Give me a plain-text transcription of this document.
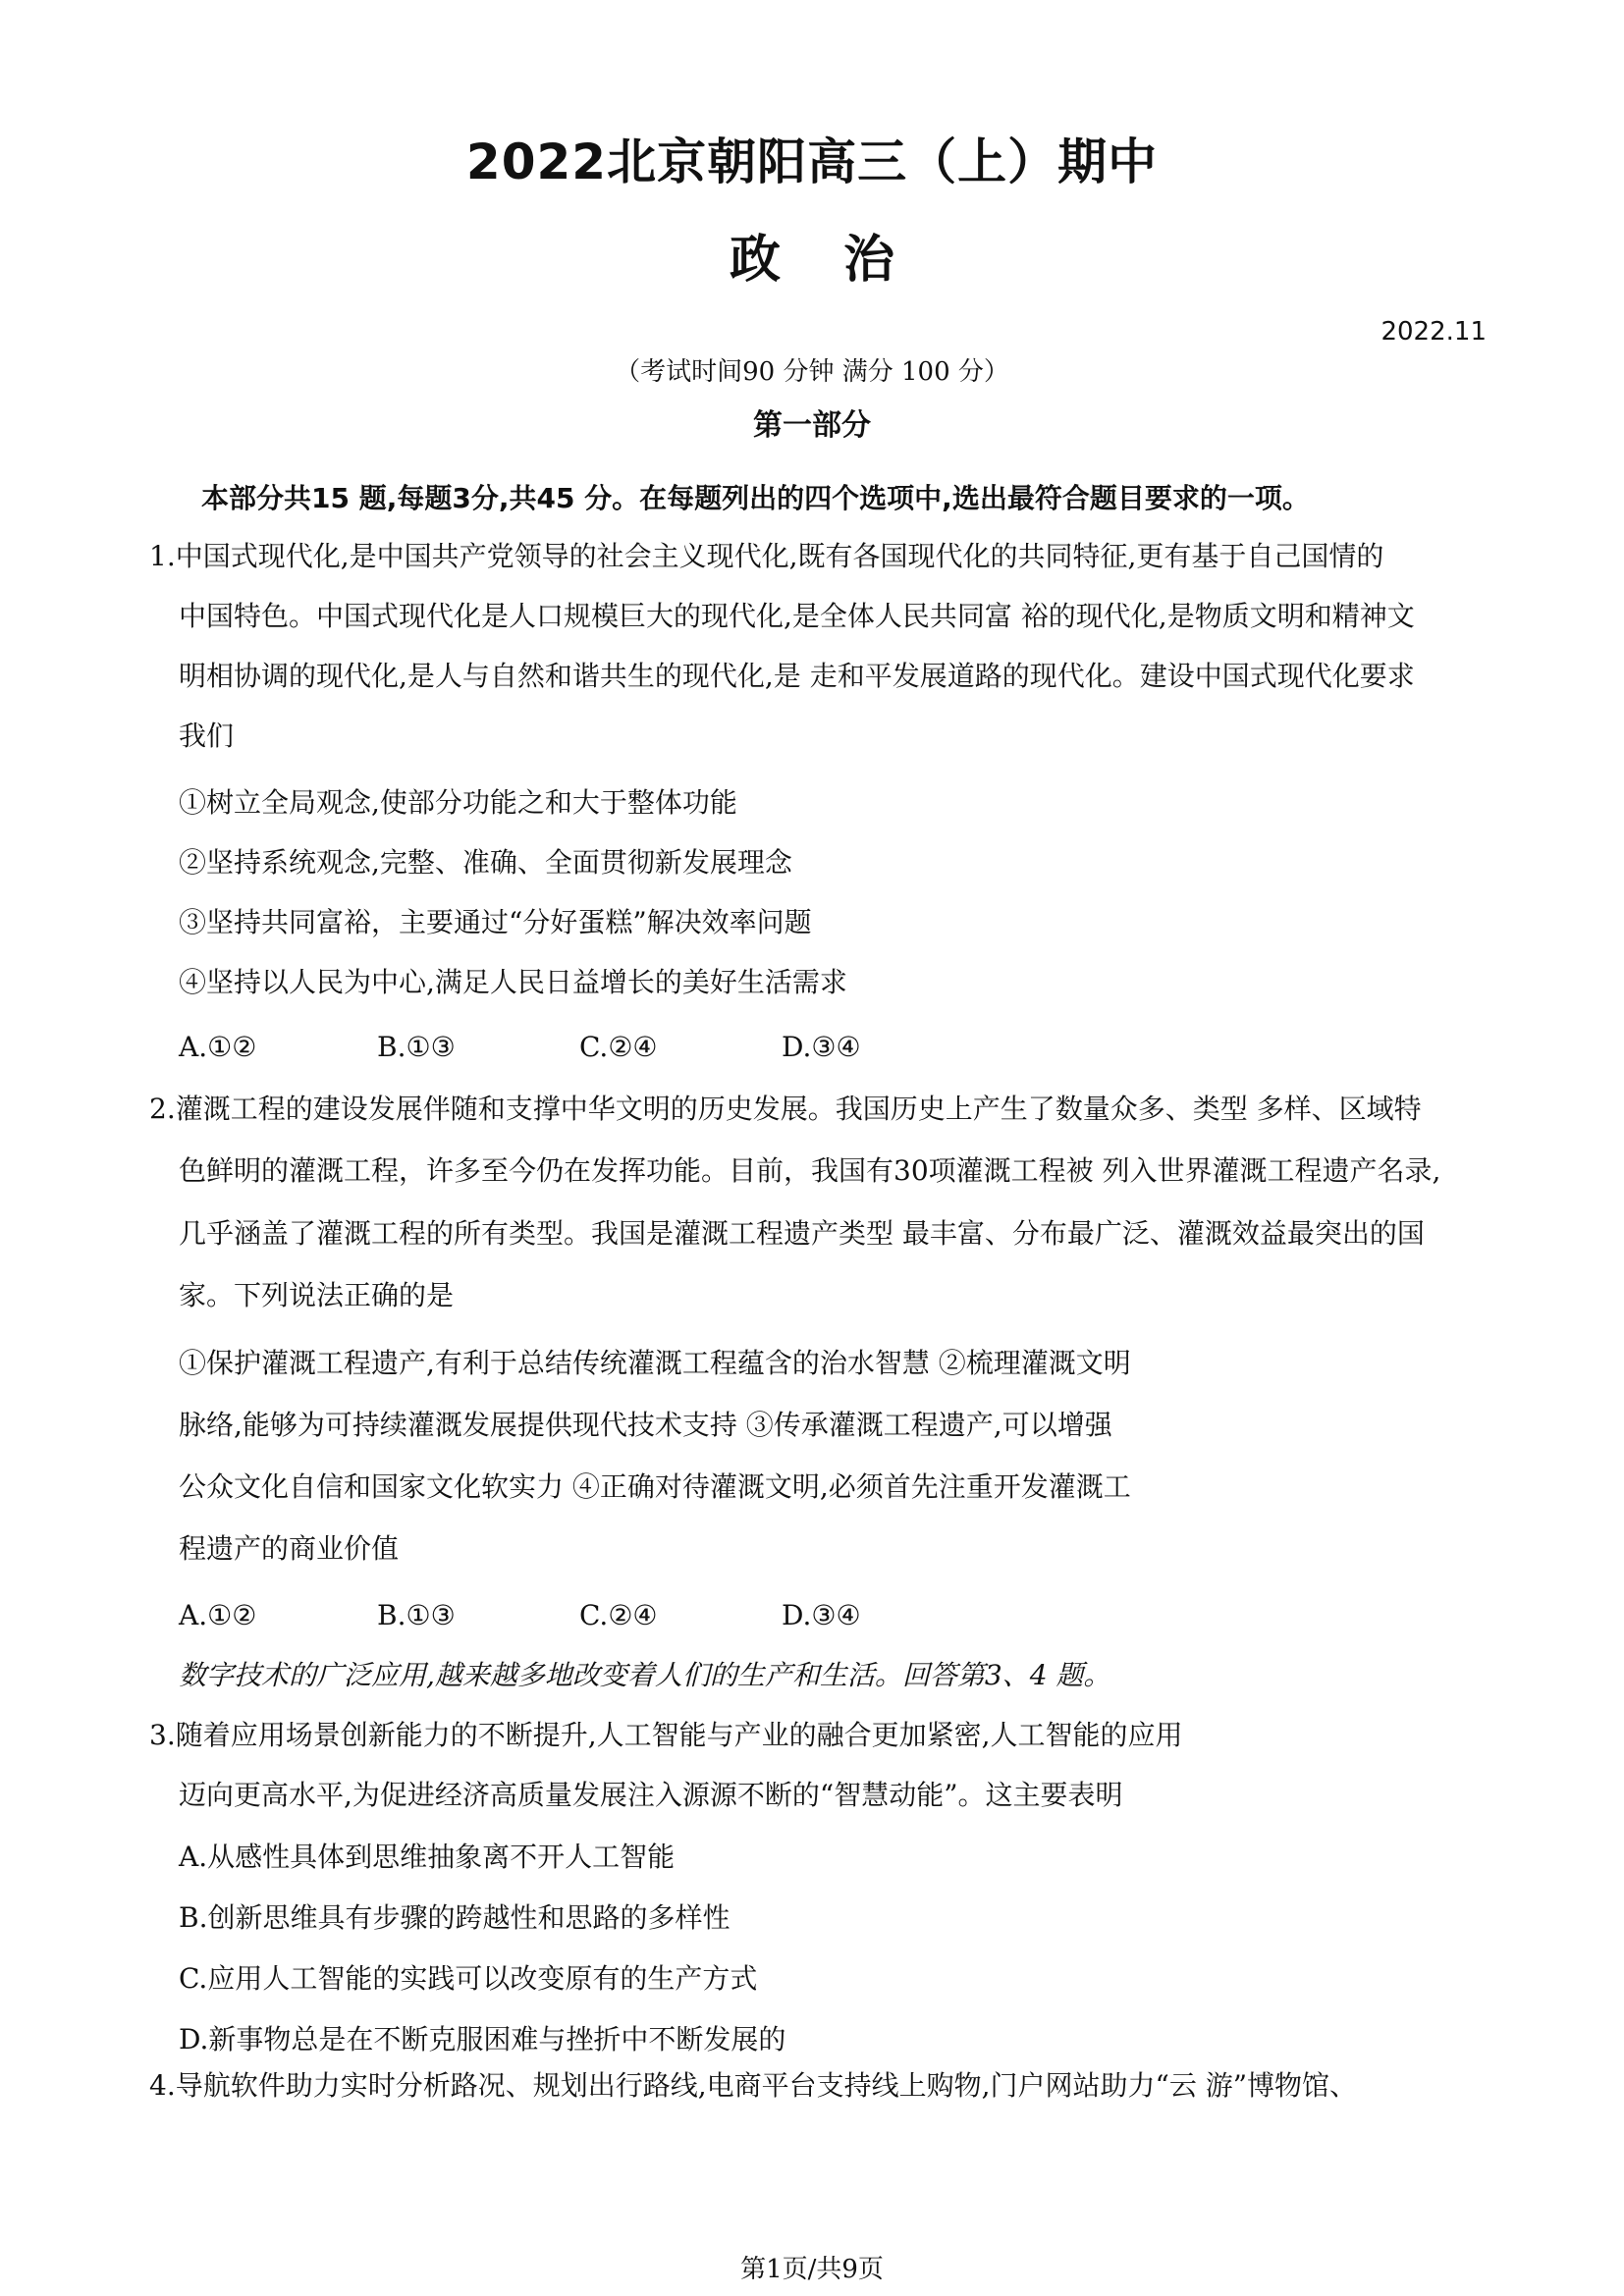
2022北京朝阳高三（上）期中
政治
2022.11
（考试时间90 分钟 满分 100 分）
第一部分
本部分共15 题,每题3分,共45 分。在每题列出的四个选项中,选出最符合题目要求的一项。
1.中国式现代化,是中国共产党领导的社会主义现代化,既有各国现代化的共同特征,更有基于自己国情的
中国特色。中国式现代化是人口规模巨大的现代化,是全体人民共同富 裕的现代化,是物质文明和精神文
明相协调的现代化,是人与自然和谐共生的现代化,是 走和平发展道路的现代化。建设中国式现代化要求
我们
①树立全局观念,使部分功能之和大于整体功能
②坚持系统观念,完整、准确、全面贯彻新发展理念
③坚持共同富裕，主要通过“分好蛋糕”解决效率问题
④坚持以人民为中心,满足人民日益增长的美好生活需求
A.①②	B.①③	C.②④	D.③④
2.灌溉工程的建设发展伴随和支撑中华文明的历史发展。我国历史上产生了数量众多、类型 多样、区域特
色鲜明的灌溉工程，许多至今仍在发挥功能。目前，我国有30项灌溉工程被 列入世界灌溉工程遗产名录,
几乎涵盖了灌溉工程的所有类型。我国是灌溉工程遗产类型 最丰富、分布最广泛、灌溉效益最突出的国
家。下列说法正确的是
①保护灌溉工程遗产,有利于总结传统灌溉工程蕴含的治水智慧 ②梳理灌溉文明
脉络,能够为可持续灌溉发展提供现代技术支持 ③传承灌溉工程遗产,可以增强
公众文化自信和国家文化软实力 ④正确对待灌溉文明,必须首先注重开发灌溉工
程遗产的商业价值
A.①②	B.①③	C.②④	D.③④
数字技术的广泛应用,越来越多地改变着人们的生产和生活。回答第3、4 题。
3.随着应用场景创新能力的不断提升,人工智能与产业的融合更加紧密,人工智能的应用
迈向更高水平,为促进经济高质量发展注入源源不断的“智慧动能”。这主要表明
A.从感性具体到思维抽象离不开人工智能
B.创新思维具有步骤的跨越性和思路的多样性
C.应用人工智能的实践可以改变原有的生产方式
D.新事物总是在不断克服困难与挫折中不断发展的
4.导航软件助力实时分析路况、规划出行路线,电商平台支持线上购物,门户网站助力“云 游”博物馆、
第1页/共9页
